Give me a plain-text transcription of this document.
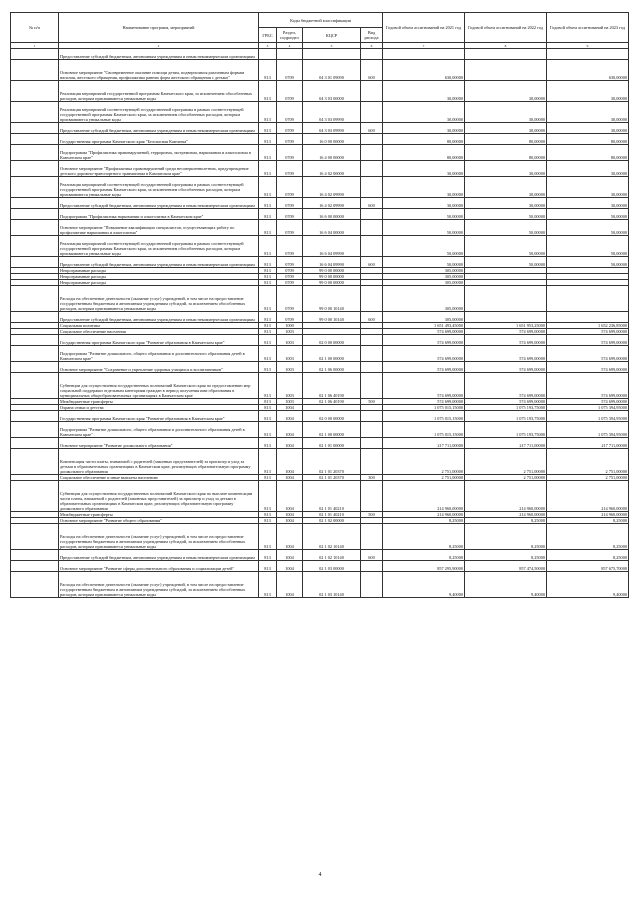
№ п/п	Наименование программ, мероприятий	Коды бюджетной классификации				Годовой объем ассигнований на 2021 год	Годовой объем ассигнований на 2022 год	Годовой объем ассигнований на 2023 год
		ГРБС	Раздел, подраздел	КЦСР	Вид расхода			
1	2	3	4	5	6	7	8	9
	Предоставление субсидий бюджетным, автономным учреждениям и иным некоммерческим организациям							
	Основное мероприятие "Своевременное оказание помощи детям, подвергшимся различным формам насилия, жестокого обращения, профилактика ранних форм жестокого обращения с детьми"	813	0709	04 3 01 09090	600	630,00000		630,00000
	Реализация мероприятий государственной программы Камчатского края, за исключением обособленных расходов, которым присваиваются уникальные коды	813	0709	04 3 03 00000		30,00000	30,00000	30,00000
	Реализация мероприятий соответствующей государственной программы в рамках соответствующей государственной программы Камчатского края, за исключением обособленных расходов, которым присваиваются уникальные коды	813	0709	04 3 03 09990		30,00000	30,00000	30,00000
	Предоставление субсидий бюджетным, автономным учреждениям и иным некоммерческим организациям	813	0709	04 3 03 09990	600	30,00000	30,00000	30,00000
	Государственная программа Камчатского края "Безопасная Камчатка"	813	0709	16 0 00 00000		80,00000	80,00000	80,00000
	Подпрограмма "Профилактика правонарушений, терроризма, экстремизма, наркомании и алкоголизма в Камчатском крае"	813	0709	16 4 00 00000		80,00000	80,00000	80,00000
	Основное мероприятие "Профилактика правонарушений среди несовершеннолетних, предупреждение детского дорожно-транспортного травматизма в Камчатском крае"	813	0709	16 4 02 00000		30,00000	30,00000	30,00000
	Реализация мероприятий соответствующей государственной программы в рамках соответствующей государственной программы Камчатского края, за исключением обособленных расходов, которым присваиваются уникальные коды	813	0709	16 4 02 09990		30,00000	30,00000	30,00000
	Предоставление субсидий бюджетным, автономным учреждениям и иным некоммерческим организациям	813	0709	16 4 02 09990	600	30,00000	30,00000	30,00000
	Подпрограмма "Профилактика наркомании и алкоголизма в Камчатском крае"	813	0709	16 6 00 00000		50,00000	50,00000	50,00000
	Основное мероприятие "Повышение квалификации специалистов, осуществляющих работу по профилактике наркомании и алкоголизма"	813	0709	16 6 04 00000		50,00000	50,00000	50,00000
	Реализация мероприятий соответствующей государственной программы в рамках соответствующей государственной программы Камчатского края, за исключением обособленных расходов, которым присваиваются уникальные коды	813	0709	16 6 04 09990		50,00000	50,00000	50,00000
	Предоставление субсидий бюджетным, автономным учреждениям и иным некоммерческим организациям	813	0709	16 6 04 09990	600	50,00000	50,00000	50,00000
	Непрограммные расходы	813	0709	99 0 00 00000		305,00000		
	Непрограммные расходы	813	0709	99 0 00 00000		305,00000		
	Непрограммные расходы	813	0709	99 0 00 00000		305,00000		
	Расходы на обеспечение деятельности (оказание услуг) учреждений, в том числе на предоставление государственным бюджетным и автономным учреждениям субсидий, за исключением обособленных расходов, которым присваиваются уникальные коды	813	0709	99 0 00 10140		305,00000		
	Предоставление субсидий бюджетным, автономным учреждениям и иным некоммерческим организациям	813	0709	99 0 00 10140	600	305,00000		
	Социальная политика	813	1000			1 651 493,45000	1 651 953,25000	1 652 236,85000
	Социальное обеспечение населения	813	1003			574 699,00000	574 699,00000	574 699,00000
	Государственная программа Камчатского края "Развитие образования в Камчатском крае"	813	1003	02 0 00 00000		574 699,00000	574 699,00000	574 699,00000
	Подпрограмма "Развитие дошкольного, общего образования и дополнительного образования детей в Камчатском крае"	813	1003	02 1 00 00000		574 699,00000	574 699,00000	574 699,00000
	Основное мероприятие "Сохранение и укрепление здоровья учащихся и воспитанников"	813	1003	02 1 06 00000		574 699,00000	574 699,00000	574 699,00000
	Субвенции для осуществления государственных полномочий Камчатского края по предоставлению мер социальной поддержки отдельным категориям граждан в период получения ими образования в муниципальных общеобразовательных организациях в Камчатском крае	813	1003	02 1 06 40190		574 699,00000	574 699,00000	574 699,00000
	Межбюджетные трансферты	813	1003	02 1 06 40190	500	574 699,00000	574 699,00000	574 699,00000
	Охрана семьи и детства	813	1004			1 075 015,15000	1 075 193,75000	1 075 394,95000
	Государственная программа Камчатского края "Развитие образования в Камчатском крае"	813	1004	02 0 00 00000		1 075 015,15000	1 075 193,75000	1 075 394,95000
	Подпрограмма "Развитие дошкольного, общего образования и дополнительного образования детей в Камчатском крае"	813	1004	02 1 00 00000		1 075 015,15000	1 075 193,75000	1 075 394,95000
	Основное мероприятие "Развитие дошкольного образования"	813	1004	02 1 01 00000		217 711,00000	217 711,00000	217 711,00000
	Компенсация части платы, взимаемой с родителей (законных представителей) за присмотр и уход за детьми в образовательных организациях в Камчатском крае, реализующих образовательную программу дошкольного образования	813	1004	02 1 01 20370		2 751,00000	2 751,00000	2 751,00000
	Социальное обеспечение и иные выплаты населению	813	1004	02 1 01 20370	300	2 751,00000	2 751,00000	2 751,00000
	Субвенции для осуществления государственных полномочий Камчатского края по выплате компенсации части платы, взимаемой с родителей (законных представителей) за присмотр и уход за детьми в образовательных организациях в Камчатском крае, реализующих образовательную программу дошкольного образования	813	1004	02 1 01 40210		214 960,00000	214 960,00000	214 960,00000
	Межбюджетные трансферты	813	1004	02 1 01 40210	500	214 960,00000	214 960,00000	214 960,00000
	Основное мероприятие "Развитие общего образования"	813	1004	02 1 02 00000		8,25000	8,25000	8,25000
	Расходы на обеспечение деятельности (оказание услуг) учреждений, в том числе на предоставление государственным бюджетным и автономным учреждениям субсидий, за исключением обособленных расходов, которым присваиваются уникальные коды	813	1004	02 1 02 10140		8,25000	8,25000	8,25000
	Предоставление субсидий бюджетным, автономным учреждениям и иным некоммерческим организациям	813	1004	02 1 02 10140	600	8,25000	8,25000	8,25000
	Основное мероприятие "Развитие сферы дополнительного образования и социализации детей"	813	1004	02 1 03 00000		857 295,90000	857 474,50000	857 675,70000
	Расходы на обеспечение деятельности (оказание услуг) учреждений, в том числе на предоставление государственным бюджетным и автономным учреждениям субсидий, за исключением обособленных расходов, которым присваиваются уникальные коды	813	1004	02 1 03 10140		9,40000	9,40000	9,40000
4
